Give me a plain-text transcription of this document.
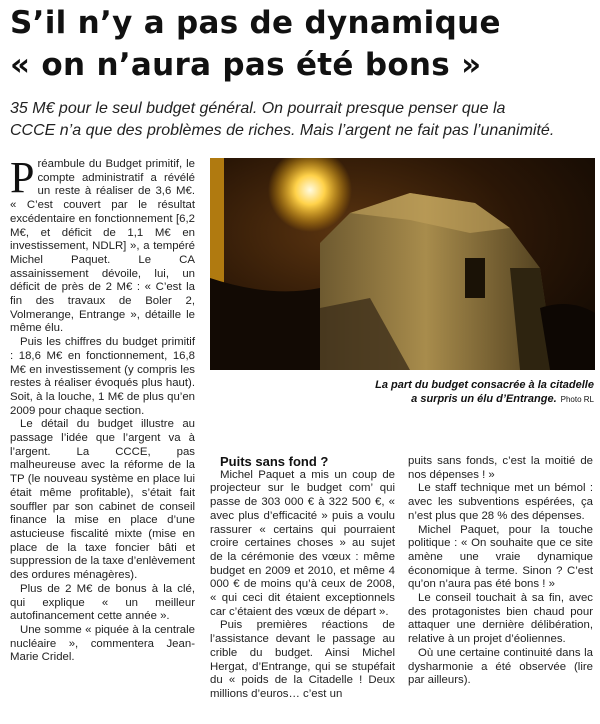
S’il n’y a pas de dynamique
« on n’aura pas été bons »
35 M€ pour le seul budget général. On pourrait presque penser que la
CCCE n’a que des problèmes de riches. Mais l’argent ne fait pas l’unanimité.

Préambule du Budget primitif, le compte administratif a révélé un reste à réaliser de 3,6 M€. « C’est couvert par le résultat excédentaire en fonctionnement [6,2 M€, et déficit de 1,1 M€ en investissement, NDLR] », a tempéré Michel Paquet. Le CA assainissement dévoile, lui, un déficit de près de 2 M€ : « C’est la fin des travaux de Boler 2, Volmerange, Entrange », détaille le même élu.

Puis les chiffres du budget primitif : 18,6 M€ en fonctionnement, 16,8 M€ en investissement (y compris les restes à réaliser évoqués plus haut). Soit, à la louche, 1 M€ de plus qu’en 2009 pour chaque section.

Le détail du budget illustre au passage l’idée que l’argent va à l’argent. La CCCE, pas malheureuse avec la réforme de la TP (le nouveau système en place lui était même profitable), s’était fait souffler par son cabinet de conseil finance la mise en place d’une astucieuse fiscalité mixte (mise en place de la taxe foncier bâti et suppression de la taxe d’enlèvement des ordures ménagères).

Plus de 2 M€ de bonus à la clé, qui explique « un meilleur autofinancement cette année ».

Une somme « piquée à la centrale nucléaire », commentera Jean-Marie Cridel.

La part du budget consacrée à la citadelle
a surpris un élu d’Entrange. Photo RL

Puits sans fond ?

Michel Paquet a mis un coup de projecteur sur le budget com’ qui passe de 303 000 € à 322 500 €, « avec plus d’efficacité » puis a voulu rassurer « certains qui pourraient croire certaines choses » au sujet de la cérémonie des vœux : même budget en 2009 et 2010, et même 4 000 € de moins qu’à ceux de 2008, « qui ceci dit étaient exceptionnels car c’étaient des vœux de départ ».

Puis premières réactions de l’assistance devant le passage au crible du budget. Ainsi Michel Hergat, d’Entrange, qui se stupéfait du « poids de la Citadelle ! Deux millions d’euros… c’est un

puits sans fonds, c’est la moitié de nos dépenses ! »

Le staff technique met un bémol : avec les subventions espérées, ça n’est plus que 28 % des dépenses.

Michel Paquet, pour la touche politique : « On souhaite que ce site amène une vraie dynamique économique à terme. Sinon ? C’est qu’on n’aura pas été bons ! »

Le conseil touchait à sa fin, avec des protagonistes bien chaud pour attaquer une dernière délibération, relative à un projet d’éoliennes.

Où une certaine continuité dans la dysharmonie a été observée (lire par ailleurs).
